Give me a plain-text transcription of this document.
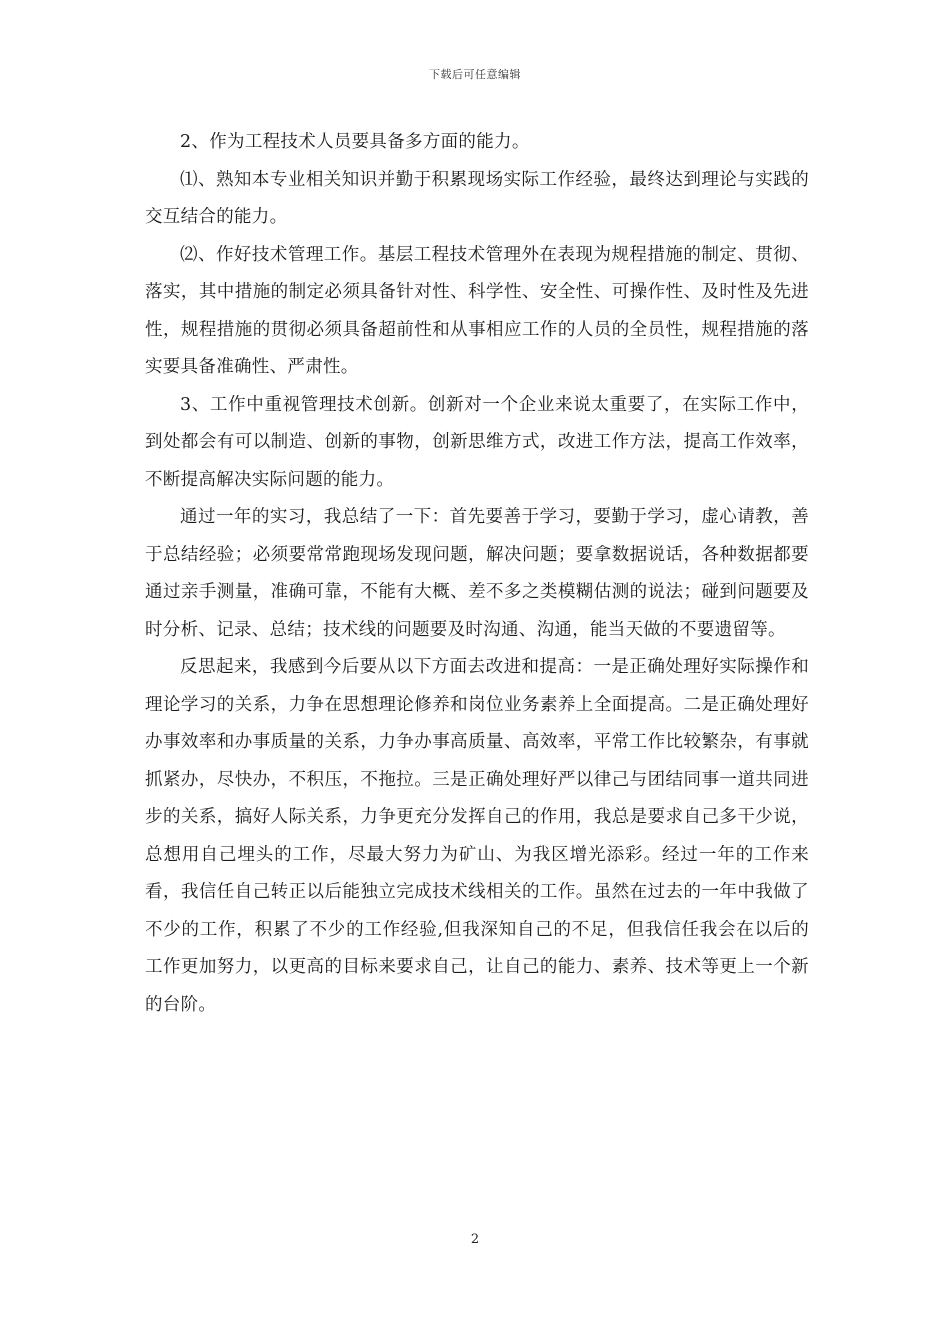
下载后可任意编辑

2、作为工程技术人员要具备多方面的能力。

⑴、熟知本专业相关知识并勤于积累现场实际工作经验，最终达到理论与实践的交互结合的能力。

⑵、作好技术管理工作。基层工程技术管理外在表现为规程措施的制定、贯彻、落实，其中措施的制定必须具备针对性、科学性、安全性、可操作性、及时性及先进性，规程措施的贯彻必须具备超前性和从事相应工作的人员的全员性，规程措施的落实要具备准确性、严肃性。

3、工作中重视管理技术创新。创新对一个企业来说太重要了，在实际工作中，到处都会有可以制造、创新的事物，创新思维方式，改进工作方法，提高工作效率，不断提高解决实际问题的能力。

通过一年的实习，我总结了一下：首先要善于学习，要勤于学习，虚心请教，善于总结经验；必须要常常跑现场发现问题，解决问题；要拿数据说话，各种数据都要通过亲手测量，准确可靠，不能有大概、差不多之类模糊估测的说法；碰到问题要及时分析、记录、总结；技术线的问题要及时沟通、沟通，能当天做的不要遗留等。

反思起来，我感到今后要从以下方面去改进和提高：一是正确处理好实际操作和理论学习的关系，力争在思想理论修养和岗位业务素养上全面提高。二是正确处理好办事效率和办事质量的关系，力争办事高质量、高效率，平常工作比较繁杂，有事就抓紧办，尽快办，不积压，不拖拉。三是正确处理好严以律己与团结同事一道共同进步的关系，搞好人际关系，力争更充分发挥自己的作用，我总是要求自己多干少说，总想用自己埋头的工作，尽最大努力为矿山、为我区增光添彩。经过一年的工作来看，我信任自己转正以后能独立完成技术线相关的工作。虽然在过去的一年中我做了不少的工作，积累了不少的工作经验,但我深知自己的不足，但我信任我会在以后的工作更加努力，以更高的目标来要求自己，让自己的能力、素养、技术等更上一个新的台阶。

2
